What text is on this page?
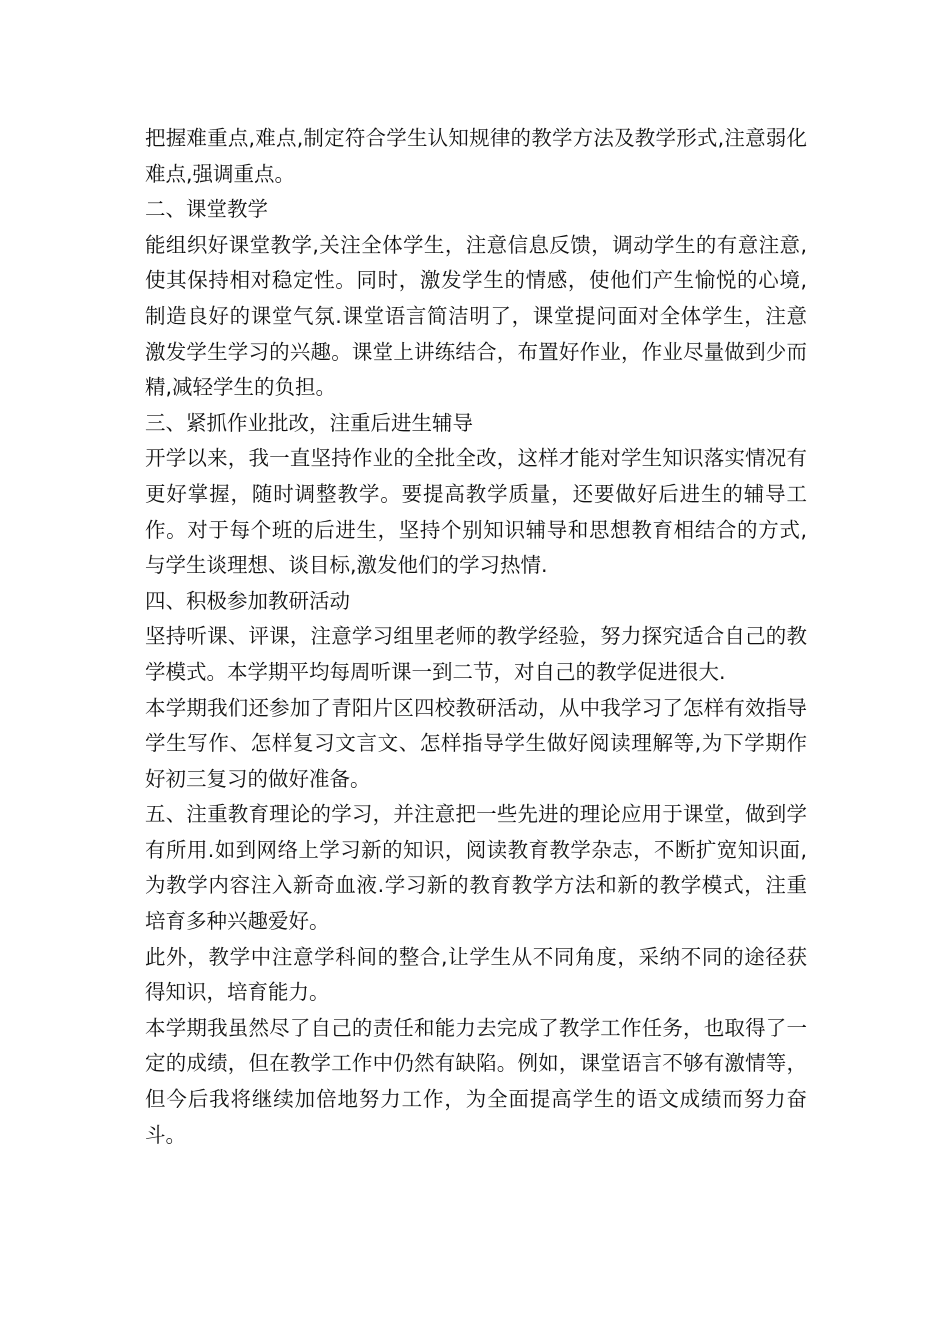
把握难重点,难点,制定符合学生认知规律的教学方法及教学形式,注意弱化难点,强调重点。

二、课堂教学

能组织好课堂教学,关注全体学生，注意信息反馈，调动学生的有意注意,使其保持相对稳定性。同时，激发学生的情感，使他们产生愉悦的心境,制造良好的课堂气氛.课堂语言简洁明了，课堂提问面对全体学生，注意激发学生学习的兴趣。课堂上讲练结合，布置好作业，作业尽量做到少而精,减轻学生的负担。

三、紧抓作业批改，注重后进生辅导

开学以来，我一直坚持作业的全批全改，这样才能对学生知识落实情况有更好掌握，随时调整教学。要提高教学质量，还要做好后进生的辅导工作。对于每个班的后进生，坚持个别知识辅导和思想教育相结合的方式,与学生谈理想、谈目标,激发他们的学习热情.

四、积极参加教研活动

坚持听课、评课，注意学习组里老师的教学经验，努力探究适合自己的教学模式。本学期平均每周听课一到二节，对自己的教学促进很大.

本学期我们还参加了青阳片区四校教研活动，从中我学习了怎样有效指导学生写作、怎样复习文言文、怎样指导学生做好阅读理解等,为下学期作好初三复习的做好准备。

五、注重教育理论的学习，并注意把一些先进的理论应用于课堂，做到学有所用.如到网络上学习新的知识，阅读教育教学杂志，不断扩宽知识面,为教学内容注入新奇血液.学习新的教育教学方法和新的教学模式，注重培育多种兴趣爱好。

此外，教学中注意学科间的整合,让学生从不同角度，采纳不同的途径获得知识，培育能力。

本学期我虽然尽了自己的责任和能力去完成了教学工作任务，也取得了一定的成绩，但在教学工作中仍然有缺陷。例如，课堂语言不够有激情等，但今后我将继续加倍地努力工作，为全面提高学生的语文成绩而努力奋斗。
